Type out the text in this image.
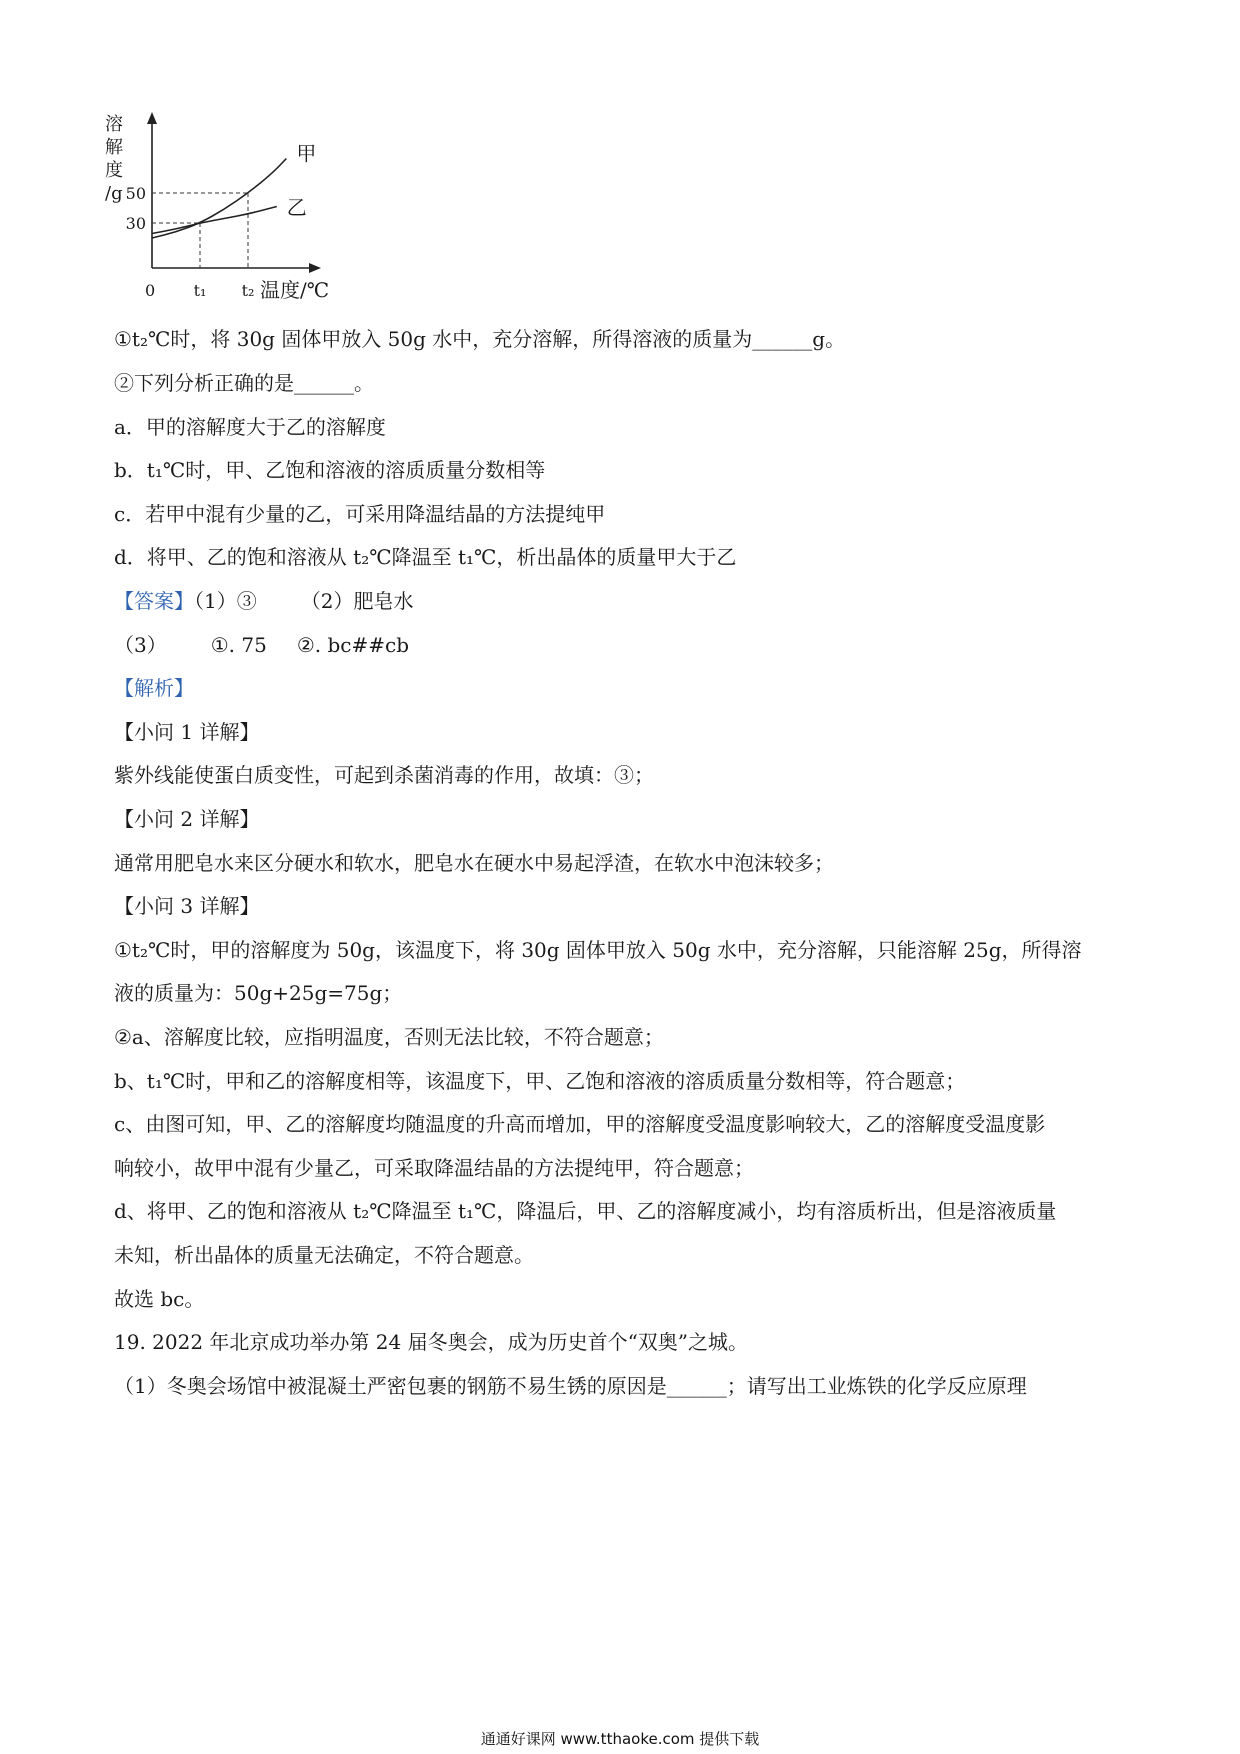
甲
乙
溶
解
度
/g
30
50
0 t₁ t₂ 温度/℃
①t₂℃时，将 30g 固体甲放入 50g 水中，充分溶解，所得溶液的质量为______g。
②下列分析正确的是______。
a．甲的溶解度大于乙的溶解度
b．t₁℃时，甲、乙饱和溶液的溶质质量分数相等
c．若甲中混有少量的乙，可采用降温结晶的方法提纯甲
d．将甲、乙的饱和溶液从 t₂℃降温至 t₁℃，析出晶体的质量甲大于乙
【答案】（1）③ （2）肥皂水
（3） ①. 75 ②. bc##cb
【解析】
【小问 1 详解】
紫外线能使蛋白质变性，可起到杀菌消毒的作用，故填：③；
【小问 2 详解】
通常用肥皂水来区分硬水和软水，肥皂水在硬水中易起浮渣，在软水中泡沫较多；
【小问 3 详解】
①t₂℃时，甲的溶解度为 50g，该温度下，将 30g 固体甲放入 50g 水中，充分溶解，只能溶解 25g，所得溶
液的质量为：50g+25g=75g；
②a、溶解度比较，应指明温度，否则无法比较，不符合题意；
b、t₁℃时，甲和乙的溶解度相等，该温度下，甲、乙饱和溶液的溶质质量分数相等，符合题意；
c、由图可知，甲、乙的溶解度均随温度的升高而增加，甲的溶解度受温度影响较大，乙的溶解度受温度影
响较小，故甲中混有少量乙，可采取降温结晶的方法提纯甲，符合题意；
d、将甲、乙的饱和溶液从 t₂℃降温至 t₁℃，降温后，甲、乙的溶解度减小，均有溶质析出，但是溶液质量
未知，析出晶体的质量无法确定，不符合题意。
故选 bc。
19. 2022 年北京成功举办第 24 届冬奥会，成为历史首个“双奥”之城。
（1）冬奥会场馆中被混凝土严密包裹的钢筋不易生锈的原因是______；请写出工业炼铁的化学反应原理
通通好课网 www.tthaoke.com 提供下载
